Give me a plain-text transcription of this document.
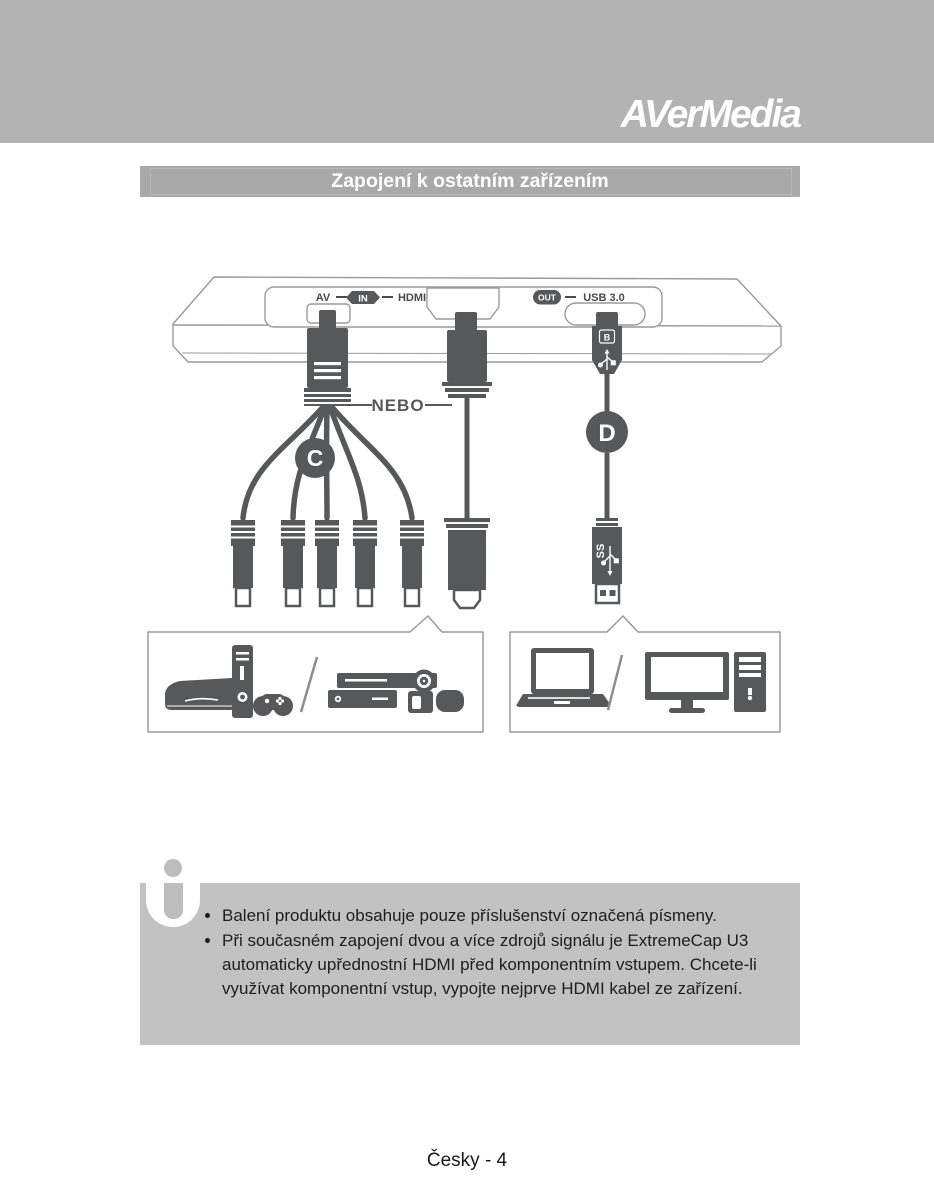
AVerMedia
Zapojení k ostatním zařízením
AV	IN	HDMI	OUT USB 3.0
C
NEBO
B
D
SS
• Balení produktu obsahuje pouze příslušenství označená písmeny.
• Při současném zapojení dvou a více zdrojů signálu je ExtremeCap U3 automaticky upřednostní HDMI před komponentním vstupem. Chcete-li využívat komponentní vstup, vypojte nejprve HDMI kabel ze zařízení.
Česky - 4
